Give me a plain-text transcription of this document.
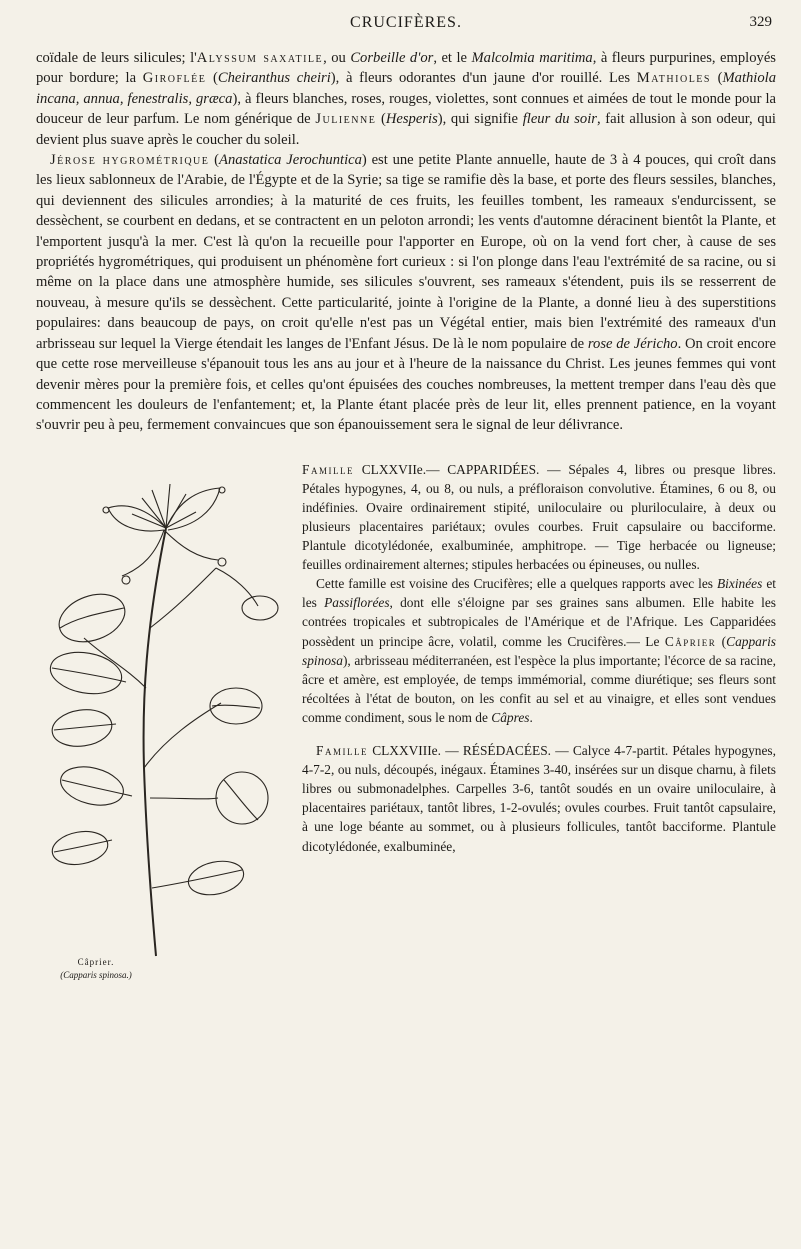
CRUCIFÈRES.	329

coïdale de leurs silicules; l'Alyssum saxatile, ou Corbeille d'or, et le Malcolmia maritima, à fleurs purpurines, employés pour bordure; la Giroflée (Cheiranthus cheiri), à fleurs odorantes d'un jaune d'or rouillé. Les Mathioles (Mathiola incana, annua, fenestralis, græca), à fleurs blanches, roses, rouges, violettes, sont connues et aimées de tout le monde pour la douceur de leur parfum. Le nom générique de Julienne (Hesperis), qui signifie fleur du soir, fait allusion à son odeur, qui devient plus suave après le coucher du soleil.

Jérose hygrométrique (Anastatica Jerochuntica) est une petite Plante annuelle, haute de 3 à 4 pouces, qui croît dans les lieux sablonneux de l'Arabie, de l'Égypte et de la Syrie; sa tige se ramifie dès la base, et porte des fleurs sessiles, blanches, qui deviennent des silicules arrondies; à la maturité de ces fruits, les feuilles tombent, les rameaux s'endurcissent, se dessèchent, se courbent en dedans, et se contractent en un peloton arrondi; les vents d'automne déracinent bientôt la Plante, et l'emportent jusqu'à la mer. C'est là qu'on la recueille pour l'apporter en Europe, où on la vend fort cher, à cause de ses propriétés hygrométriques, qui produisent un phénomène fort curieux : si l'on plonge dans l'eau l'extrémité de sa racine, ou si même on la place dans une atmosphère humide, ses silicules s'ouvrent, ses rameaux s'étendent, puis ils se resserrent de nouveau, à mesure qu'ils se dessèchent. Cette particularité, jointe à l'origine de la Plante, a donné lieu à des superstitions populaires: dans beaucoup de pays, on croit qu'elle n'est pas un Végétal entier, mais bien l'extrémité des rameaux d'un arbrisseau sur lequel la Vierge étendait les langes de l'Enfant Jésus. De là le nom populaire de rose de Jéricho. On croit encore que cette rose merveilleuse s'épanouit tous les ans au jour et à l'heure de la naissance du Christ. Les jeunes femmes qui vont devenir mères pour la première fois, et celles qu'ont épuisées des couches nombreuses, la mettent tremper dans l'eau dès que commencent les douleurs de l'enfantement; et, la Plante étant placée près de leur lit, elles prennent patience, en la voyant s'ouvrir peu à peu, fermement convaincues que son épanouissement sera le signal de leur délivrance.

Câprier.
(Capparis spinosa.)

Famille CLXXVIIe.— CAPPARIDÉES. — Sépales 4, libres ou presque libres. Pétales hypogynes, 4, ou 8, ou nuls, a préfloraison convolutive. Étamines, 6 ou 8, ou indéfinies. Ovaire ordinairement stipité, uniloculaire ou pluriloculaire, à deux ou plusieurs placentaires pariétaux; ovules courbes. Fruit capsulaire ou bacciforme. Plantule dicotylédonée, exalbuminée, amphitrope. — Tige herbacée ou ligneuse; feuilles ordinairement alternes; stipules herbacées ou épineuses, ou nulles.

Cette famille est voisine des Crucifères; elle a quelques rapports avec les Bixinées et les Passiflorées, dont elle s'éloigne par ses graines sans albumen. Elle habite les contrées tropicales et subtropicales de l'Amérique et de l'Afrique. Les Capparidées possèdent un principe âcre, volatil, comme les Crucifères.— Le Câprier (Capparis spinosa), arbrisseau méditerranéen, est l'espèce la plus importante; l'écorce de sa racine, âcre et amère, est employée, de temps immémorial, comme diurétique; ses fleurs sont récoltées à l'état de bouton, on les confit au sel et au vinaigre, et elles sont vendues comme condiment, sous le nom de Câpres.

Famille CLXXVIIIe. — RÉSÉDACÉES. — Calyce 4-7-partit. Pétales hypogynes, 4-7-2, ou nuls, découpés, inégaux. Étamines 3-40, insérées sur un disque charnu, à filets libres ou submonadelphes. Carpelles 3-6, tantôt soudés en un ovaire uniloculaire, à placentaires pariétaux, tantôt libres, 1-2-ovulés; ovules courbes. Fruit tantôt capsulaire, à une loge béante au sommet, ou à plusieurs follicules, tantôt bacciforme. Plantule dicotylédonée, exalbuminée,
